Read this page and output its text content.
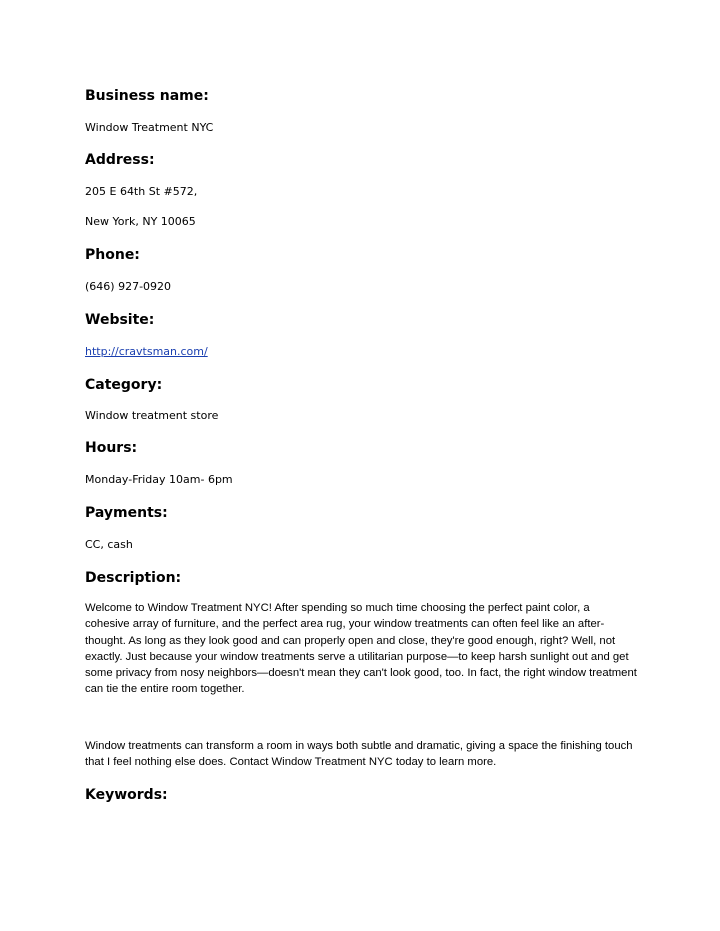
Business name:

Window Treatment NYC

Address:

205 E 64th St #572,

New York, NY 10065

Phone:

(646) 927-0920

Website:

http://cravtsman.com/

Category:

Window treatment store

Hours:

Monday-Friday 10am- 6pm

Payments:

CC, cash

Description:

Welcome to Window Treatment NYC! After spending so much time choosing the perfect paint color, a cohesive array of furniture, and the perfect area rug, your window treatments can often feel like an after-thought. As long as they look good and can properly open and close, they're good enough, right? Well, not exactly. Just because your window treatments serve a utilitarian purpose—to keep harsh sunlight out and get some privacy from nosy neighbors—doesn't mean they can't look good, too. In fact, the right window treatment can tie the entire room together.

Window treatments can transform a room in ways both subtle and dramatic, giving a space the finishing touch that I feel nothing else does. Contact Window Treatment NYC today to learn more.

Keywords:
